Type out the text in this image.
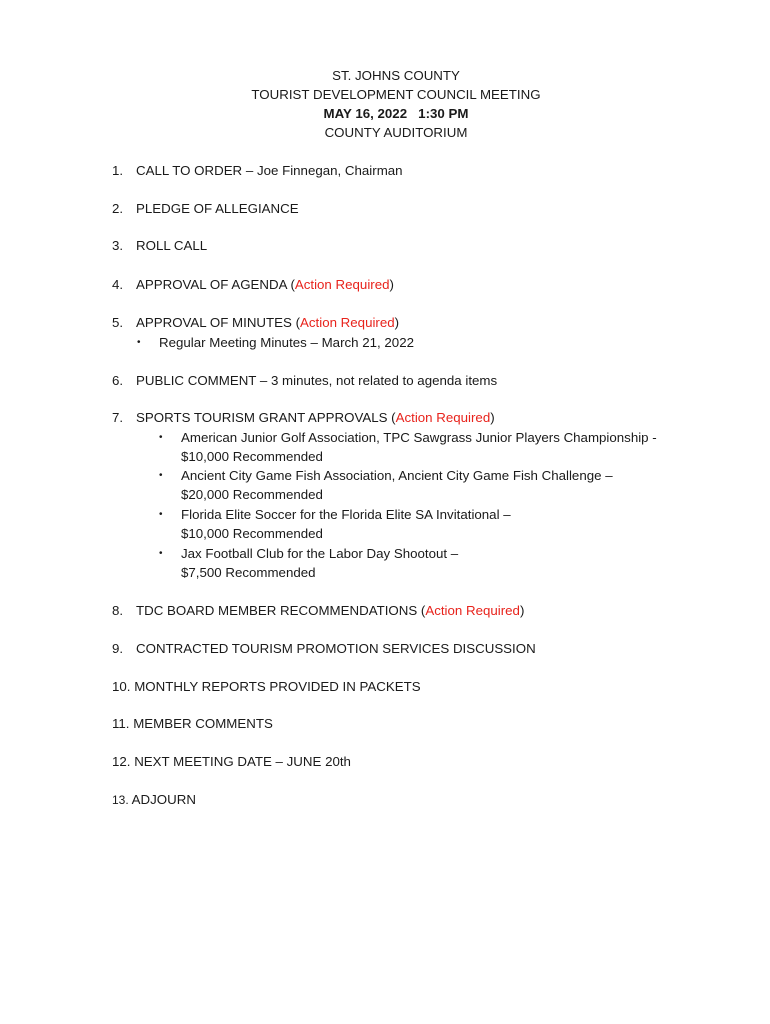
ST. JOHNS COUNTY
TOURIST DEVELOPMENT COUNCIL MEETING
MAY 16, 2022   1:30 PM
COUNTY AUDITORIUM
1. CALL TO ORDER – Joe Finnegan, Chairman
2. PLEDGE OF ALLEGIANCE
3. ROLL CALL
4. APPROVAL OF AGENDA (Action Required)
5. APPROVAL OF MINUTES (Action Required)
• Regular Meeting Minutes – March 21, 2022
6. PUBLIC COMMENT – 3 minutes, not related to agenda items
7. SPORTS TOURISM GRANT APPROVALS (Action Required)
• American Junior Golf Association, TPC Sawgrass Junior Players Championship -
$10,000 Recommended
• Ancient City Game Fish Association, Ancient City Game Fish Challenge –
$20,000 Recommended
• Florida Elite Soccer for the Florida Elite SA Invitational –
$10,000 Recommended
• Jax Football Club for the Labor Day Shootout –
$7,500 Recommended
8. TDC BOARD MEMBER RECOMMENDATIONS (Action Required)
9. CONTRACTED TOURISM PROMOTION SERVICES DISCUSSION
10. MONTHLY REPORTS PROVIDED IN PACKETS
11. MEMBER COMMENTS
12. NEXT MEETING DATE – JUNE 20th
13. ADJOURN
